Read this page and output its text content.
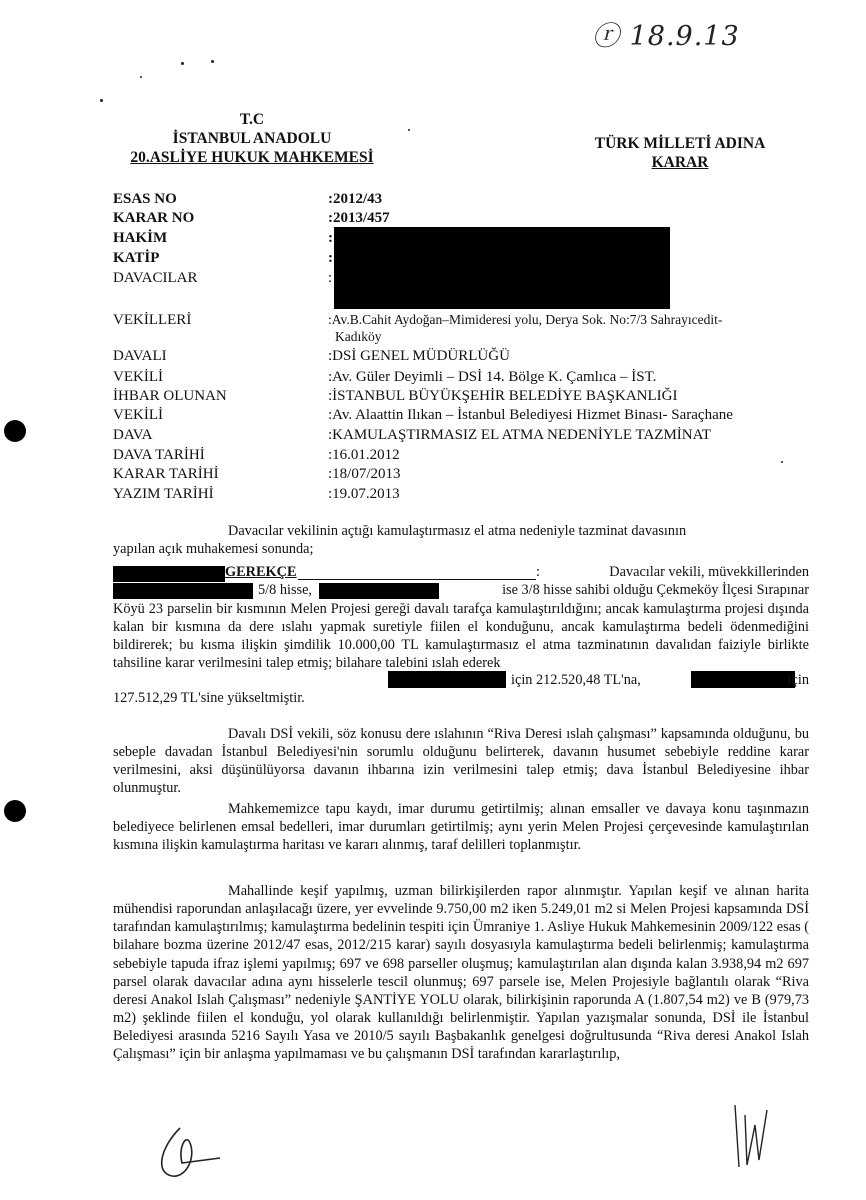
ⓡ 18.9.13
T.C
İSTANBUL ANADOLU
20.ASLİYE HUKUK MAHKEMESİ
TÜRK MİLLETİ ADINA
KARAR
ESAS NO	:2012/43
KARAR NO	:2013/457
HAKİM	:
KATİP	:
DAVACILAR	:
VEKİLLERİ	:Av.B.Cahit Aydoğan–Mimideresi yolu, Derya Sok. No:7/3 Sahrayıcedit-
Kadıköy
DAVALI	:DSİ GENEL MÜDÜRLÜĞÜ
VEKİLİ	:Av. Güler Deyimli – DSİ 14. Bölge K. Çamlıca – İST.
İHBAR OLUNAN	:İSTANBUL BÜYÜKŞEHİR BELEDİYE BAŞKANLIĞI
VEKİLİ	:Av. Alaattin Ilıkan – İstanbul Belediyesi Hizmet Binası- Saraçhane
DAVA	:KAMULAŞTIRMASIZ EL ATMA NEDENİYLE TAZMİNAT
DAVA TARİHİ	:16.01.2012
KARAR TARİHİ	:18/07/2013
YAZIM TARİHİ	:19.07.2013
Davacılar vekilinin açtığı kamulaştırmasız el atma nedeniyle tazminat davasının
yapılan açık muhakemesi sonunda;
GEREKÇE	:	Davacılar vekili, müvekkillerinden
5/8 hisse,	ise 3/8 hisse sahibi olduğu Çekmeköy İlçesi Sırapınar

Köyü 23 parselin bir kısmının Melen Projesi gereği davalı tarafça kamulaştırıldığını; ancak kamulaştırma projesi dışında kalan bir kısmına da dere ıslahı yapmak suretiyle fiilen el konduğunu, ancak kamulaştırma bedeli ödenmediğini bildirerek; bu kısma ilişkin şimdilik 10.000,00 TL kamulaştırmasız el atma tazminatının davalıdan faiziyle birlikte tahsiline karar verilmesini talep etmiş; bilahare talebini ıslah ederek

için 212.520,48 TL'na,	için
127.512,29 TL'sine yükseltmiştir.

Davalı DSİ vekili, söz konusu dere ıslahının “Riva Deresi ıslah çalışması” kapsamında olduğunu, bu sebeple davadan İstanbul Belediyesi'nin sorumlu olduğunu belirterek, davanın husumet sebebiyle reddine karar verilmesini, aksi düşünülüyorsa davanın ihbarına izin verilmesini talep etmiş; dava İstanbul Belediyesine ihbar olunmuştur.

Mahkememizce tapu kaydı, imar durumu getirtilmiş; alınan emsaller ve davaya konu taşınmazın belediyece belirlenen emsal bedelleri, imar durumları getirtilmiş; aynı yerin Melen Projesi çerçevesinde kamulaştırılan kısmına ilişkin kamulaştırma haritası ve kararı alınmış, taraf delilleri toplanmıştır.

Mahallinde keşif yapılmış, uzman bilirkişilerden rapor alınmıştır. Yapılan keşif ve alınan harita mühendisi raporundan anlaşılacağı üzere, yer evvelinde 9.750,00 m2 iken 5.249,01 m2 si Melen Projesi kapsamında DSİ tarafından kamulaştırılmış; kamulaştırma bedelinin tespiti için Ümraniye 1. Asliye Hukuk Mahkemesinin 2009/122 esas ( bilahare bozma üzerine 2012/47 esas, 2012/215 karar) sayılı dosyasıyla kamulaştırma bedeli belirlenmiş; kamulaştırma sebebiyle tapuda ifraz işlemi yapılmış; 697 ve 698 parseller oluşmuş; kamulaştırılan alan dışında kalan 3.938,94 m2 697 parsel olarak davacılar adına aynı hisselerle tescil olunmuş; 697 parsele ise, Melen Projesiyle bağlantılı olarak “Riva deresi Anakol Islah Çalışması” nedeniyle ŞANTİYE YOLU olarak, bilirkişinin raporunda A (1.807,54 m2) ve B (979,73 m2) şeklinde fiilen el konduğu, yol olarak kullanıldığı belirlenmiştir. Yapılan yazışmalar sonunda, DSİ ile İstanbul Belediyesi arasında 5216 Sayılı Yasa ve 2010/5 sayılı Başbakanlık genelgesi doğrultusunda “Riva deresi Anakol Islah Çalışması” için bir anlaşma yapılmaması ve bu çalışmanın DSİ tarafından kararlaştırılıp,
